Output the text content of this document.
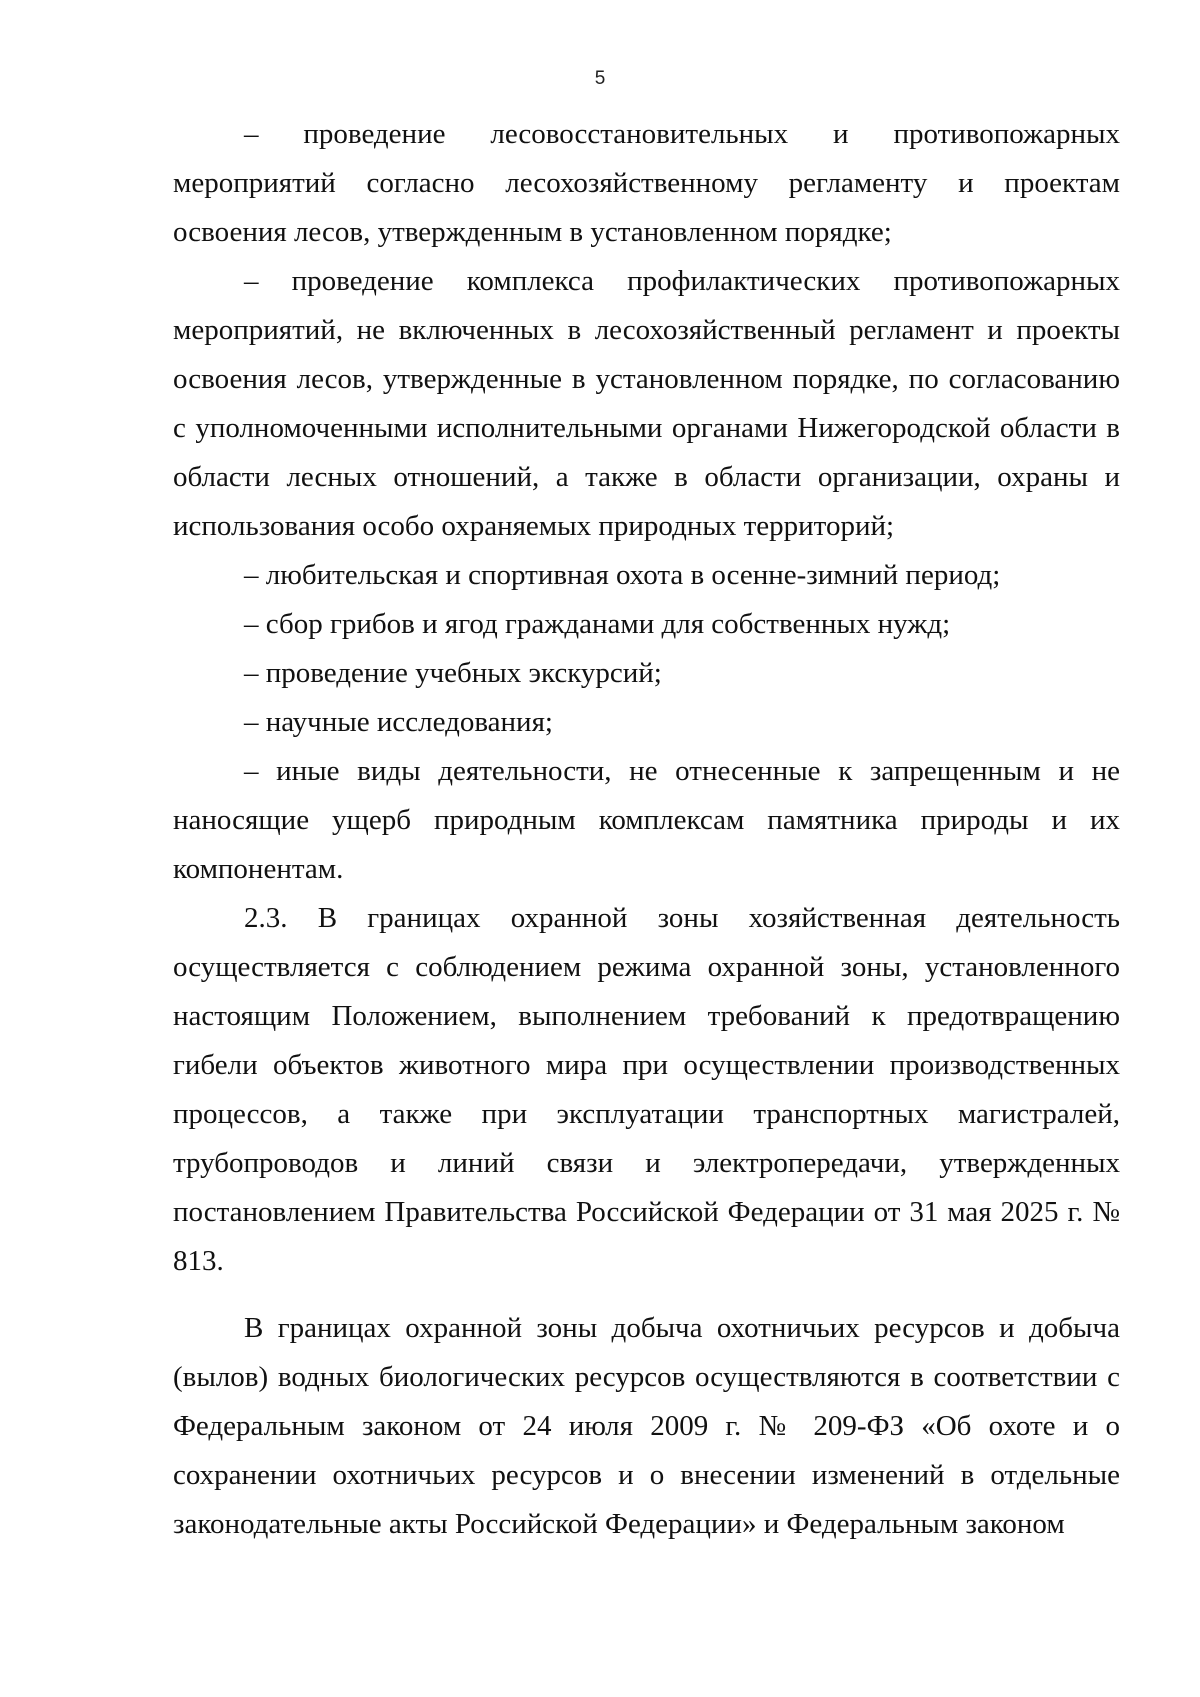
5

– проведение лесовосстановительных и противопожарных мероприятий согласно лесохозяйственному регламенту и проектам освоения лесов, утвержденным в установленном порядке;

– проведение комплекса профилактических противопожарных мероприятий, не включенных в лесохозяйственный регламент и проекты освоения лесов, утвержденные в установленном порядке, по согласованию с уполномоченными исполнительными органами Нижегородской области в области лесных отношений, а также в области организации, охраны и использования особо охраняемых природных территорий;

– любительская и спортивная охота в осенне-зимний период;

– сбор грибов и ягод гражданами для собственных нужд;

– проведение учебных экскурсий;

– научные исследования;

– иные виды деятельности, не отнесенные к запрещенным и не наносящие ущерб природным комплексам памятника природы и их компонентам.

2.3. В границах охранной зоны хозяйственная деятельность осуществляется с соблюдением режима охранной зоны, установленного настоящим Положением, выполнением требований к предотвращению гибели объектов животного мира при осуществлении производственных процессов, а также при эксплуатации транспортных магистралей, трубопроводов и линий связи и электропередачи, утвержденных постановлением Правительства Российской Федерации от 31 мая 2025 г. № 813.

В границах охранной зоны добыча охотничьих ресурсов и добыча (вылов) водных биологических ресурсов осуществляются в соответствии с Федеральным законом от 24 июля 2009 г. № 209-ФЗ «Об охоте и о сохранении охотничьих ресурсов и о внесении изменений в отдельные законодательные акты Российской Федерации» и Федеральным законом
